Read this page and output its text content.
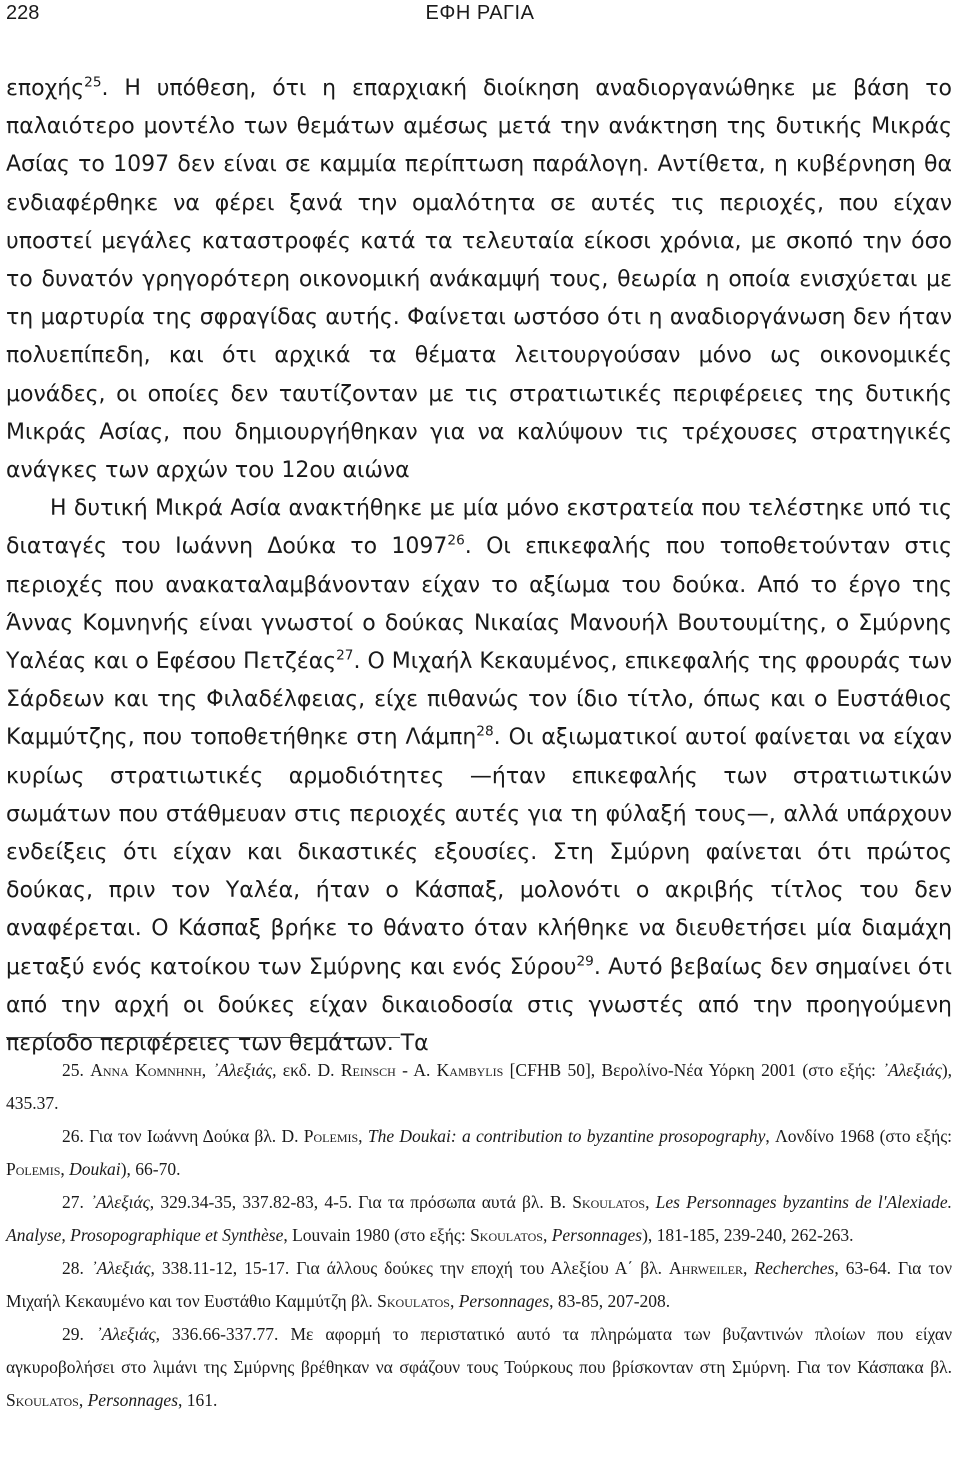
228	ΕΦΗ ΡΑΓΙΑ

εποχής$^{25}$. Η υπόθεση, ότι η επαρχιακή διοίκηση αναδιοργανώθηκε με βάση το παλαιότερο μοντέλο των θεμάτων αμέσως μετά την ανάκτηση της δυτικής Μικράς Ασίας το 1097 δεν είναι σε καμμία περίπτωση παράλογη. Αντίθετα, η κυβέρνηση θα ενδιαφέρθηκε να φέρει ξανά την ομαλότητα σε αυτές τις περιοχές, που είχαν υποστεί μεγάλες καταστροφές κατά τα τελευταία είκοσι χρόνια, με σκοπό την όσο το δυνατόν γρηγορότερη οικονομική ανάκαμψή τους, θεωρία η οποία ενισχύεται με τη μαρτυρία της σφραγίδας αυτής. Φαίνεται ωστόσο ότι η αναδιοργάνωση δεν ήταν πολυεπίπεδη, και ότι αρχικά τα θέματα λειτουργούσαν μόνο ως οικονομικές μονάδες, οι οποίες δεν ταυτίζονταν με τις στρατιωτικές περιφέρειες της δυτικής Μικράς Ασίας, που δημιουργήθηκαν για να καλύψουν τις τρέχουσες στρατηγικές ανάγκες των αρχών του 12ου αιώνα

Η δυτική Μικρά Ασία ανακτήθηκε με μία μόνο εκστρατεία που τελέστηκε υπό τις διαταγές του Ιωάννη Δούκα το 1097$^{26}$. Οι επικεφαλής που τοποθετούνταν στις περιοχές που ανακαταλαμβάνονταν είχαν το αξίωμα του δούκα. Από το έργο της Άννας Κομνηνής είναι γνωστοί ο δούκας Νικαίας Μανουήλ Βουτουμίτης, ο Σμύρνης Υαλέας και ο Εφέσου Πετζέας$^{27}$. Ο Μιχαήλ Κεκαυμένος, επικεφαλής της φρουράς των Σάρδεων και της Φιλαδέλφειας, είχε πιθανώς τον ίδιο τίτλο, όπως και ο Ευστάθιος Καμμύτζης, που τοποθετήθηκε στη Λάμπη$^{28}$. Οι αξιωματικοί αυτοί φαίνεται να είχαν κυρίως στρατιωτικές αρμοδιότητες —ήταν επικεφαλής των στρατιωτικών σωμάτων που στάθμευαν στις περιοχές αυτές για τη φύλαξή τους—, αλλά υπάρχουν ενδείξεις ότι είχαν και δικαστικές εξουσίες. Στη Σμύρνη φαίνεται ότι πρώτος δούκας, πριν τον Υαλέα, ήταν ο Κάσπαξ, μολονότι ο ακριβής τίτλος του δεν αναφέρεται. Ο Κάσπαξ βρήκε το θάνατο όταν κλήθηκε να διευθετήσει μία διαμάχη μεταξύ ενός κατοίκου των Σμύρνης και ενός Σύρου$^{29}$. Αυτό βεβαίως δεν σημαίνει ότι από την αρχή οι δούκες είχαν δικαιοδοσία στις γνωστές από την προηγούμενη περίοδο περιφέρειες των θεμάτων. Τα

25. Αννα Κομνηνη, ᾽Αλεξιάς, εκδ. D. Reinsch - A. Kambylis [CFHB 50], Βερολίνο-Νέα Υόρκη 2001 (στο εξής: ᾽Αλεξιάς), 435.37.

26. Για τον Ιωάννη Δούκα βλ. D. Polemis, The Doukai: a contribution to byzantine prosopography, Λονδίνο 1968 (στο εξής: Polemis, Doukai), 66-70.

27. ᾽Αλεξιάς, 329.34-35, 337.82-83, 4-5. Για τα πρόσωπα αυτά βλ. B. Skoulatos, Les Personnages byzantins de l'Alexiade. Analyse, Prosopographique et Synthèse, Louvain 1980 (στο εξής: Skoulatos, Personnages), 181-185, 239-240, 262-263.

28. ᾽Αλεξιάς, 338.11-12, 15-17. Για άλλους δούκες την εποχή του Αλεξίου Α΄ βλ. Ahrweiler, Recherches, 63-64. Για τον Μιχαήλ Κεκαυμένο και τον Ευστάθιο Καμμύτζη βλ. Skoulatos, Personnages, 83-85, 207-208.

29. ᾽Αλεξιάς, 336.66-337.77. Με αφορμή το περιστατικό αυτό τα πληρώματα των βυζαντινών πλοίων που είχαν αγκυροβολήσει στο λιμάνι της Σμύρνης βρέθηκαν να σφάζουν τους Τούρκους που βρίσκονταν στη Σμύρνη. Για τον Κάσπακα βλ. Skoulatos, Personnages, 161.
